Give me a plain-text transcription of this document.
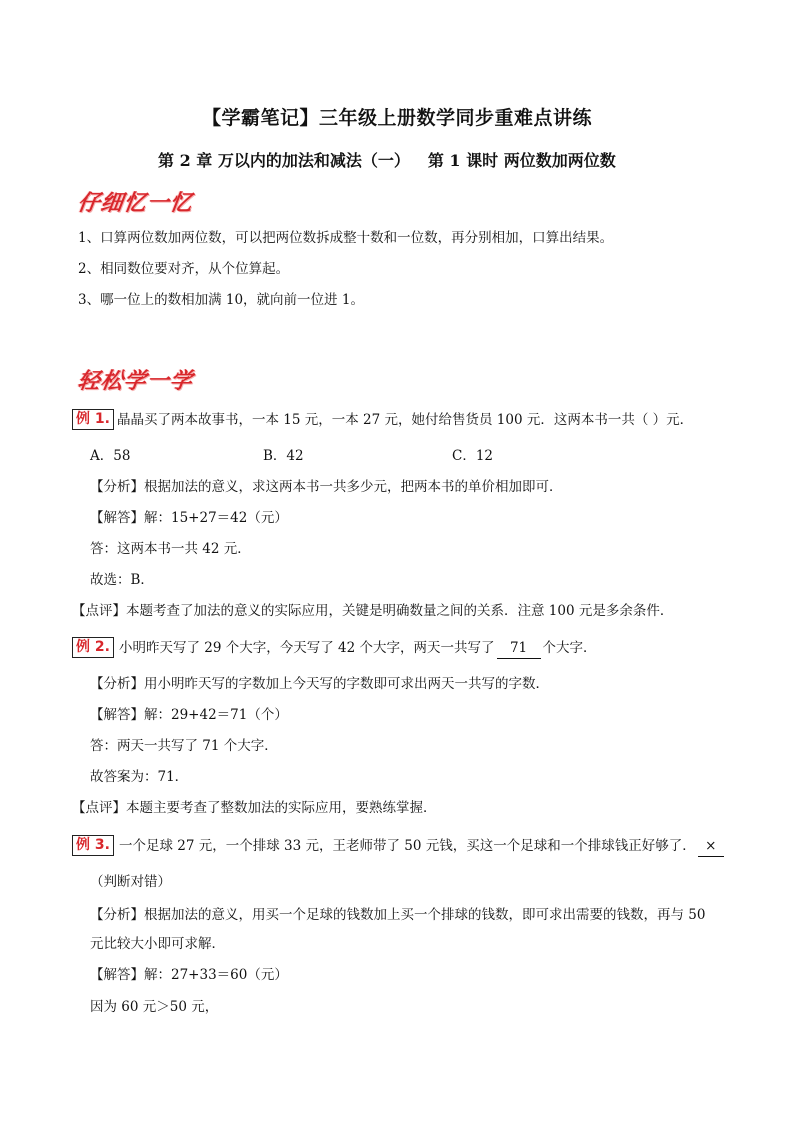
【学霸笔记】三年级上册数学同步重难点讲练
第 2 章 万以内的加法和减法（一） 第 1 课时 两位数加两位数
仔细忆一忆
1、口算两位数加两位数，可以把两位数拆成整十数和一位数，再分别相加，口算出结果。
2、相同数位要对齐，从个位算起。
3、哪一位上的数相加满 10，就向前一位进 1。
轻松学一学
例 1. 晶晶买了两本故事书，一本 15 元，一本 27 元，她付给售货员 100 元．这两本书一共（ ）元．
A．58	B．42	C．12
【分析】根据加法的意义，求这两本书一共多少元，把两本书的单价相加即可．
【解答】解：15+27＝42（元）
答：这两本书一共 42 元．
故选：B．
【点评】本题考查了加法的意义的实际应用，关键是明确数量之间的关系．注意 100 元是多余条件．
例 2. 小明昨天写了 29 个大字，今天写了 42 个大字，两天一共写了 71 个大字．
【分析】用小明昨天写的字数加上今天写的字数即可求出两天一共写的字数．
【解答】解：29+42＝71（个）
答：两天一共写了 71 个大字．
故答案为：71．
【点评】本题主要考查了整数加法的实际应用，要熟练掌握．
例 3. 一个足球 27 元，一个排球 33 元，王老师带了 50 元钱，买这一个足球和一个排球钱正好够了． ×
（判断对错）
【分析】根据加法的意义，用买一个足球的钱数加上买一个排球的钱数，即可求出需要的钱数，再与 50
元比较大小即可求解．
【解答】解：27+33＝60（元）
因为 60 元＞50 元，
